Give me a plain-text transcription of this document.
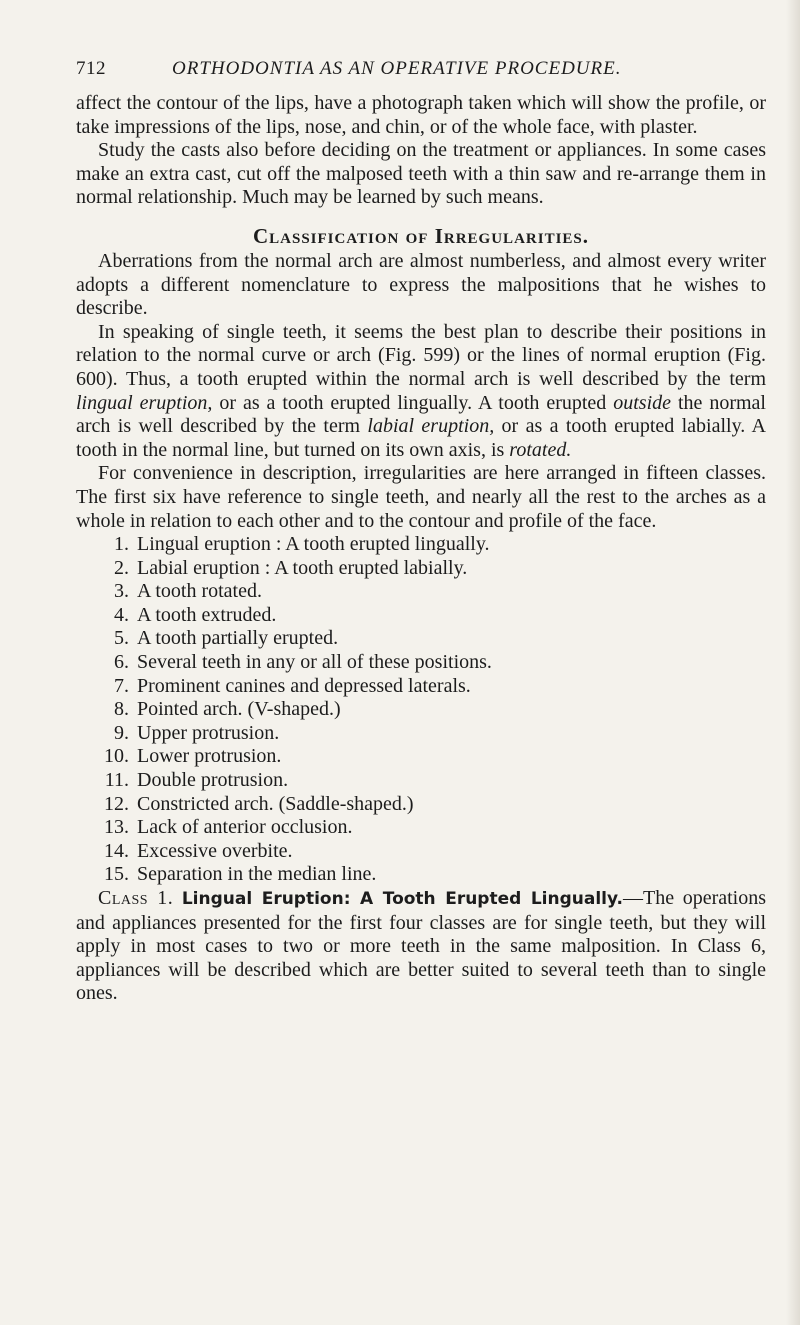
712	ORTHODONTIA AS AN OPERATIVE PROCEDURE.

affect the contour of the lips, have a photograph taken which will show the profile, or take impressions of the lips, nose, and chin, or of the whole face, with plaster.

Study the casts also before deciding on the treatment or appliances. In some cases make an extra cast, cut off the malposed teeth with a thin saw and re-arrange them in normal relationship. Much may be learned by such means.

Classification of Irregularities.

Aberrations from the normal arch are almost numberless, and almost every writer adopts a different nomenclature to express the malpositions that he wishes to describe.

In speaking of single teeth, it seems the best plan to describe their positions in relation to the normal curve or arch (Fig. 599) or the lines of normal eruption (Fig. 600). Thus, a tooth erupted within the normal arch is well described by the term lingual eruption, or as a tooth erupted lingually. A tooth erupted outside the normal arch is well described by the term labial eruption, or as a tooth erupted labially. A tooth in the normal line, but turned on its own axis, is rotated.

For convenience in description, irregularities are here arranged in fifteen classes. The first six have reference to single teeth, and nearly all the rest to the arches as a whole in relation to each other and to the contour and profile of the face.

1. Lingual eruption : A tooth erupted lingually.
2. Labial eruption : A tooth erupted labially.
3. A tooth rotated.
4. A tooth extruded.
5. A tooth partially erupted.
6. Several teeth in any or all of these positions.
7. Prominent canines and depressed laterals.
8. Pointed arch. (V-shaped.)
9. Upper protrusion.
10. Lower protrusion.
11. Double protrusion.
12. Constricted arch. (Saddle-shaped.)
13. Lack of anterior occlusion.
14. Excessive overbite.
15. Separation in the median line.

Class 1. Lingual Eruption: A Tooth Erupted Lingually.—The operations and appliances presented for the first four classes are for single teeth, but they will apply in most cases to two or more teeth in the same malposition. In Class 6, appliances will be described which are better suited to several teeth than to single ones.
